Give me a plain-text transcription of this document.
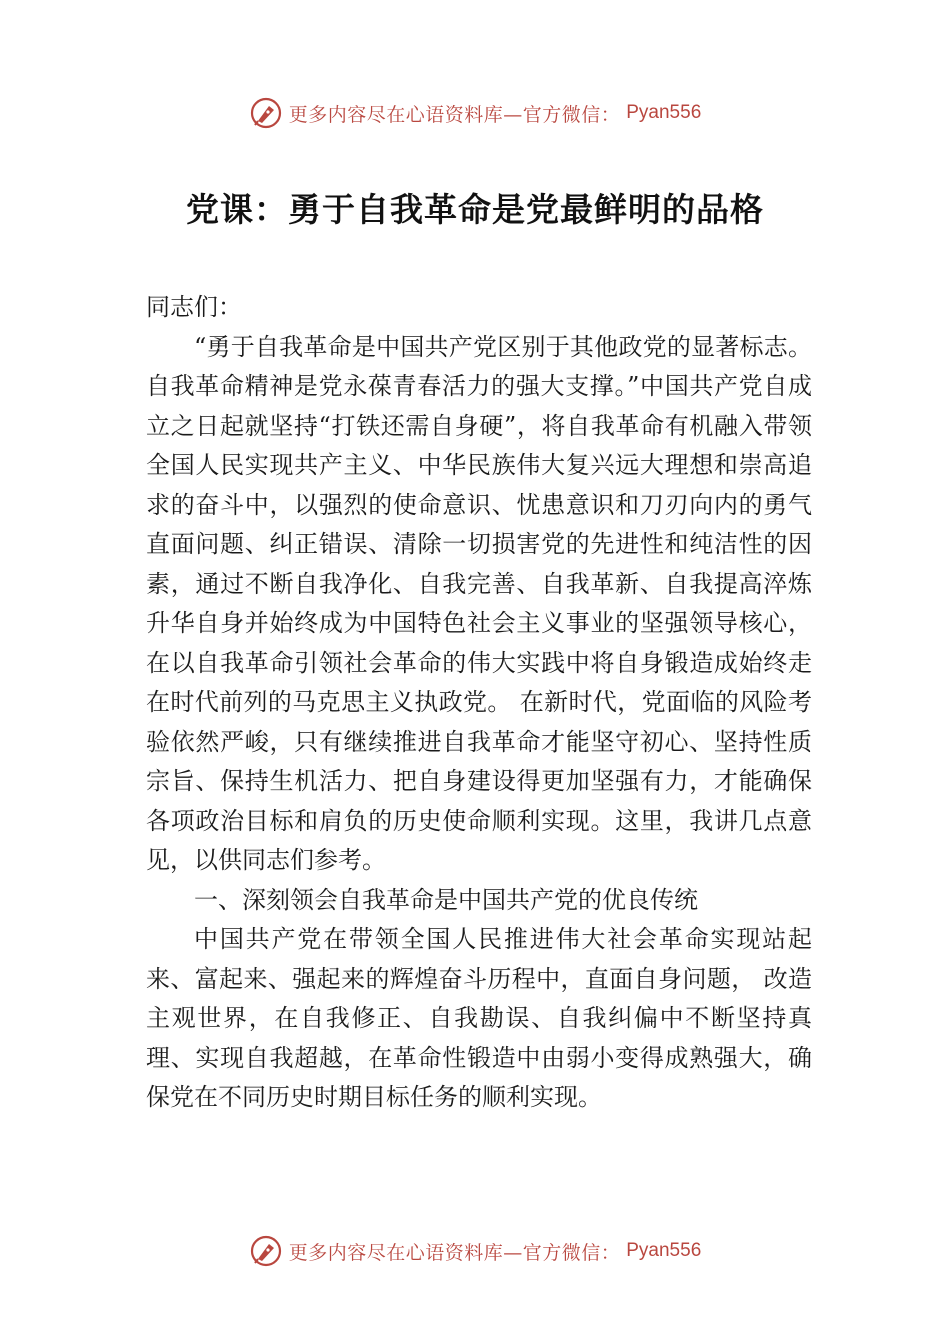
更多内容尽在心语资料库—官方微信： Pyan556
党课：勇于自我革命是党最鲜明的品格

同志们：

“勇于自我革命是中国共产党区别于其他政党的显著标志。自我革命精神是党永葆青春活力的强大支撑。”中国共产党自成立之日起就坚持“打铁还需自身硬”，将自我革命有机融入带领全国人民实现共产主义、中华民族伟大复兴远大理想和崇高追求的奋斗中，以强烈的使命意识、忧患意识和刀刃向内的勇气直面问题、纠正错误、清除一切损害党的先进性和纯洁性的因素，通过不断自我净化、自我完善、自我革新、自我提高淬炼升华自身并始终成为中国特色社会主义事业的坚强领导核心，在以自我革命引领社会革命的伟大实践中将自身锻造成始终走在时代前列的马克思主义执政党。 在新时代，党面临的风险考验依然严峻，只有继续推进自我革命才能坚守初心、坚持性质宗旨、保持生机活力、把自身建设得更加坚强有力，才能确保各项政治目标和肩负的历史使命顺利实现。这里，我讲几点意见，以供同志们参考。

一、深刻领会自我革命是中国共产党的优良传统

中国共产党在带领全国人民推进伟大社会革命实现站起来、富起来、强起来的辉煌奋斗历程中，直面自身问题， 改造主观世界，在自我修正、自我勘误、自我纠偏中不断坚持真理、实现自我超越，在革命性锻造中由弱小变得成熟强大，确保党在不同历史时期目标任务的顺利实现。

更多内容尽在心语资料库—官方微信： Pyan556
